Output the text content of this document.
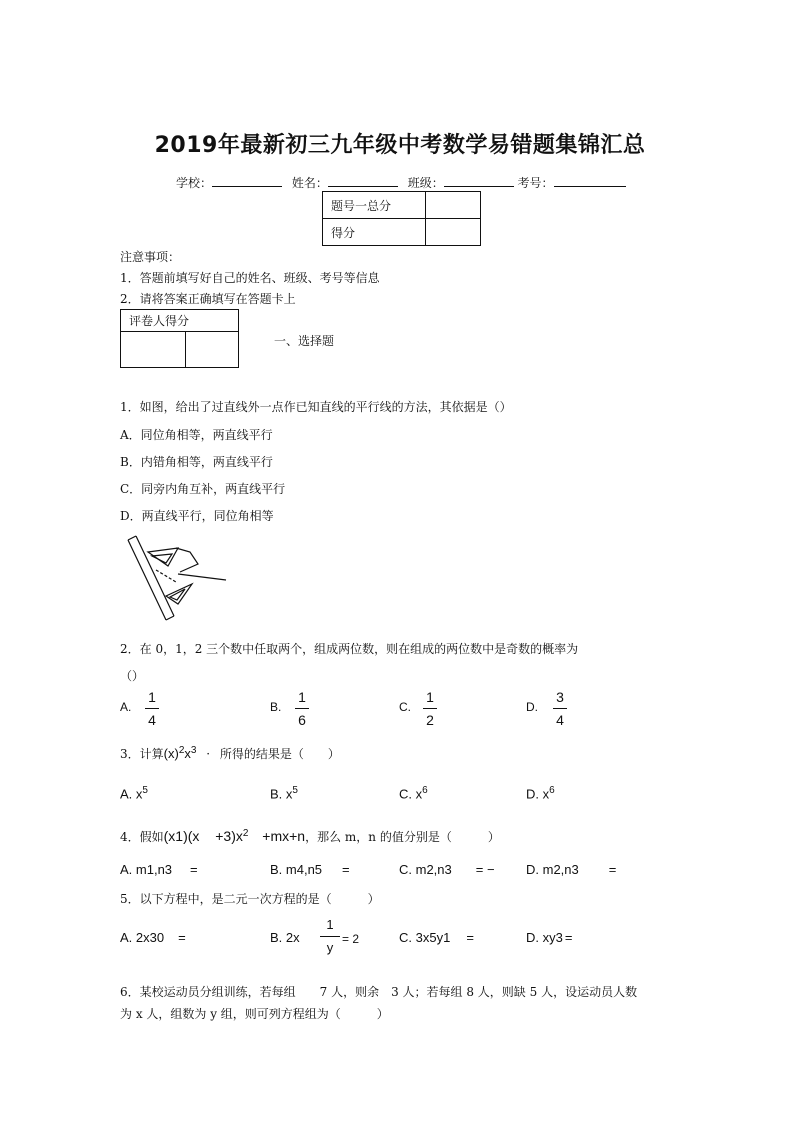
2019年最新初三九年级中考数学易错题集锦汇总
学校：	姓名：	班级：	考号：
题号一总分	
得分	
注意事项：
1．答题前填写好自己的姓名、班级、考号等信息
2．请将答案正确填写在答题卡上
评卷人得分

一、选择题
1．如图，给出了过直线外一点作已知直线的平行线的方法，其依据是（）
A．同位角相等，两直线平行
B．内错角相等，两直线平行
C．同旁内角互补，两直线平行
D．两直线平行，同位角相等
2．在 0，1，2 三个数中任取两个，组成两位数，则在组成的两位数中是奇数的概率为
（）
A.
1
4
B.
1
6
C.
1
2
D.
3
4
3．计算$(x)^2x^3$ · 所得的结果是（　　）
A. $x^5$	B. $x^5$	C. $x^6$	D. $x^6$
4．假如$(x1)(x +3)x^2 +mx+n$，那么 m，n 的值分别是（　　　）
A. m1,n3 =	B. m4,n5 =	C. m2,n3 = − D. m2,n3 =
5．以下方程中，是二元一次方程的是（　　　）
A. 2x30 =	B. 2x
1
y
= 2	C. 3x5y1 =	D. xy3 =
6．某校运动员分组训练，若每组　　7 人，则余　3 人；若每组 8 人，则缺 5 人，设运动员人数
为 x 人，组数为 y 组，则可列方程组为（　　　）
